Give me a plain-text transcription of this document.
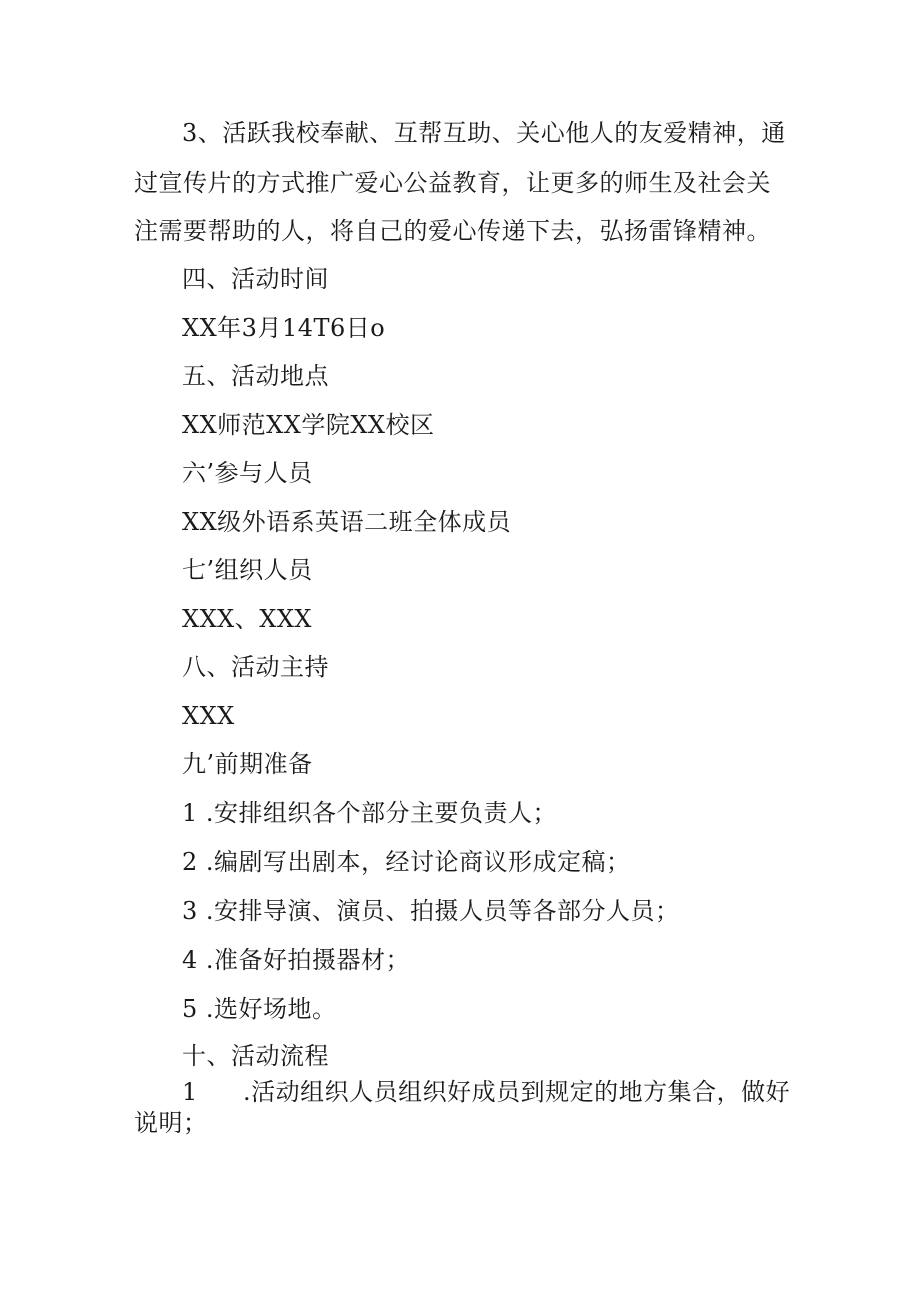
3、活跃我校奉献、互帮互助、关心他人的友爱精神，通
过宣传片的方式推广爱心公益教育，让更多的师生及社会关
注需要帮助的人，将自己的爱心传递下去，弘扬雷锋精神。
四、活动时间
XX年3月14T6日o
五、活动地点
XX师范XX学院XX校区
六’参与人员
XX级外语系英语二班全体成员
七’组织人员
XXX、XXX
八、活动主持
XXX
九’前期准备
1 .安排组织各个部分主要负责人；
2 .编剧写出剧本，经讨论商议形成定稿；
3 .安排导演、演员、拍摄人员等各部分人员；
4 .准备好拍摄器材；
5 .选好场地。
十、活动流程
1 .活动组织人员组织好成员到规定的地方集合，做好
说明；
